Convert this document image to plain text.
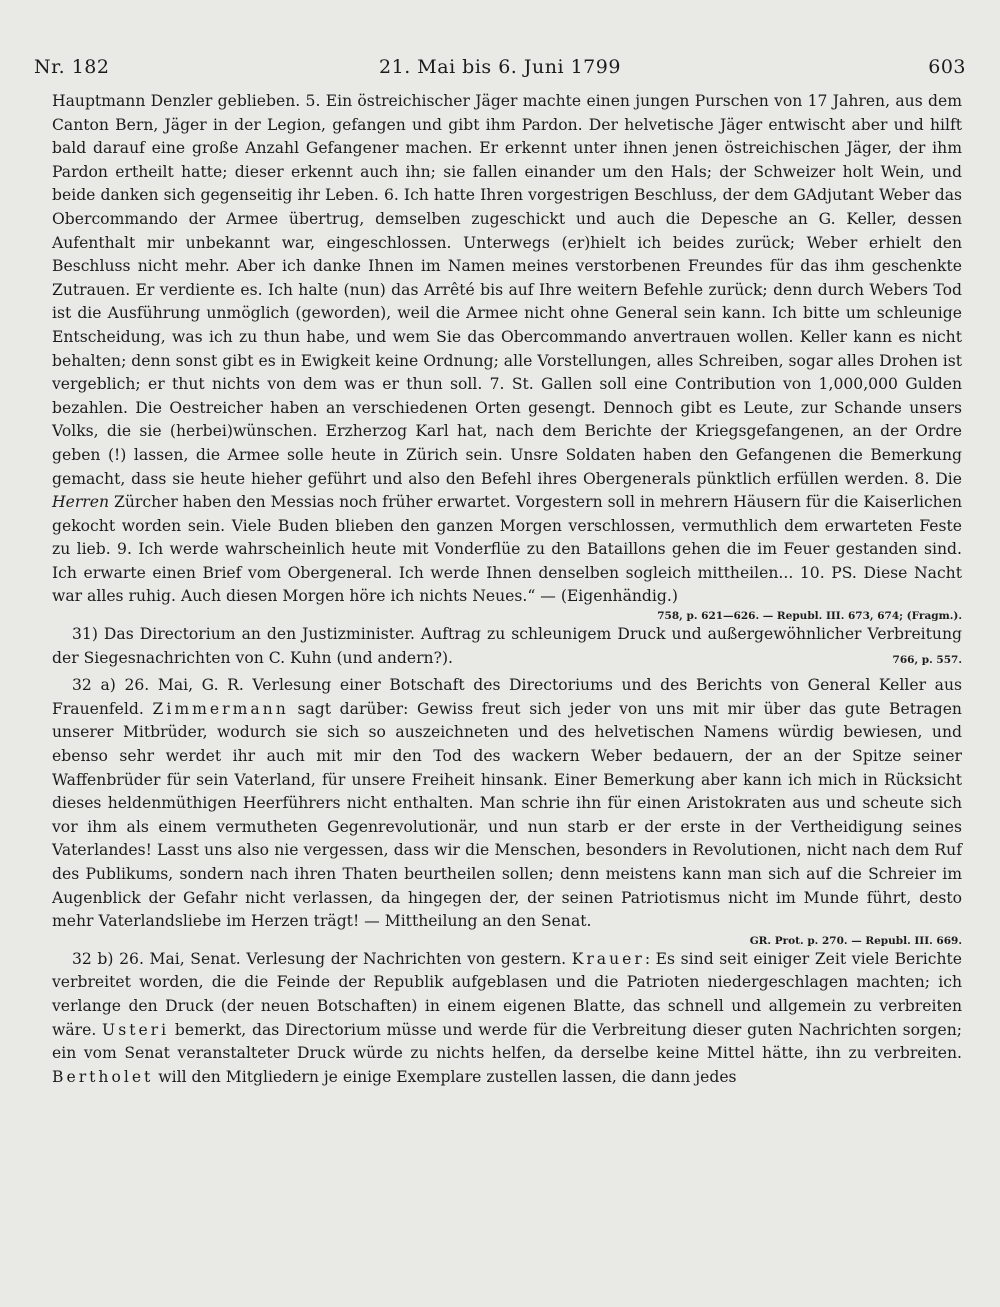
Nr. 182	21. Mai bis 6. Juni 1799	603

Hauptmann Denzler geblieben. 5. Ein östreichischer Jäger machte einen jungen Purschen von 17 Jahren, aus dem Canton Bern, Jäger in der Legion, gefangen und gibt ihm Pardon. Der helvetische Jäger entwischt aber und hilft bald darauf eine große Anzahl Gefangener machen. Er erkennt unter ihnen jenen östreichischen Jäger, der ihm Pardon ertheilt hatte; dieser erkennt auch ihn; sie fallen einander um den Hals; der Schweizer holt Wein, und beide danken sich gegenseitig ihr Leben. 6. Ich hatte Ihren vorgestrigen Beschluss, der dem GAdjutant Weber das Obercommando der Armee übertrug, demselben zugeschickt und auch die Depesche an G. Keller, dessen Aufenthalt mir unbekannt war, eingeschlossen. Unterwegs (er)hielt ich beides zurück; Weber erhielt den Beschluss nicht mehr. Aber ich danke Ihnen im Namen meines verstorbenen Freundes für das ihm geschenkte Zutrauen. Er verdiente es. Ich halte (nun) das Arrêté bis auf Ihre weitern Befehle zurück; denn durch Webers Tod ist die Ausführung unmöglich (geworden), weil die Armee nicht ohne General sein kann. Ich bitte um schleunige Entscheidung, was ich zu thun habe, und wem Sie das Obercommando anvertrauen wollen. Keller kann es nicht behalten; denn sonst gibt es in Ewigkeit keine Ordnung; alle Vorstellungen, alles Schreiben, sogar alles Drohen ist vergeblich; er thut nichts von dem was er thun soll. 7. St. Gallen soll eine Contribution von 1,000,000 Gulden bezahlen. Die Oestreicher haben an verschiedenen Orten gesengt. Dennoch gibt es Leute, zur Schande unsers Volks, die sie (herbei)wünschen. Erzherzog Karl hat, nach dem Berichte der Kriegsgefangenen, an der Ordre geben (!) lassen, die Armee solle heute in Zürich sein. Unsre Soldaten haben den Gefangenen die Bemerkung gemacht, dass sie heute hieher geführt und also den Befehl ihres Obergenerals pünktlich erfüllen werden. 8. Die Herren Zürcher haben den Messias noch früher erwartet. Vorgestern soll in mehrern Häusern für die Kaiserlichen gekocht worden sein. Viele Buden blieben den ganzen Morgen verschlossen, vermuthlich dem erwarteten Feste zu lieb. 9. Ich werde wahrscheinlich heute mit Vonderflüe zu den Bataillons gehen die im Feuer gestanden sind. Ich erwarte einen Brief vom Obergeneral. Ich werde Ihnen denselben sogleich mittheilen... 10. PS. Diese Nacht war alles ruhig. Auch diesen Morgen höre ich nichts Neues.“ — (Eigenhändig.)

758, p. 621—626. — Republ. III. 673, 674; (Fragm.).

31) Das Directorium an den Justizminister. Auftrag zu schleunigem Druck und außergewöhnlicher Verbreitung der Siegesnachrichten von C. Kuhn (und andern?).	766, p. 557.

32 a) 26. Mai, G. R. Verlesung einer Botschaft des Directoriums und des Berichts von General Keller aus Frauenfeld. Zimmermann sagt darüber: Gewiss freut sich jeder von uns mit mir über das gute Betragen unserer Mitbrüder, wodurch sie sich so auszeichneten und des helvetischen Namens würdig bewiesen, und ebenso sehr werdet ihr auch mit mir den Tod des wackern Weber bedauern, der an der Spitze seiner Waffenbrüder für sein Vaterland, für unsere Freiheit hinsank. Einer Bemerkung aber kann ich mich in Rücksicht dieses heldenmüthigen Heerführers nicht enthalten. Man schrie ihn für einen Aristokraten aus und scheute sich vor ihm als einem vermutheten Gegenrevolutionär, und nun starb er der erste in der Vertheidigung seines Vaterlandes! Lasst uns also nie vergessen, dass wir die Menschen, besonders in Revolutionen, nicht nach dem Ruf des Publikums, sondern nach ihren Thaten beurtheilen sollen; denn meistens kann man sich auf die Schreier im Augenblick der Gefahr nicht verlassen, da hingegen der, der seinen Patriotismus nicht im Munde führt, desto mehr Vaterlandsliebe im Herzen trägt! — Mittheilung an den Senat.

GR. Prot. p. 270. — Republ. III. 669.

32 b) 26. Mai, Senat. Verlesung der Nachrichten von gestern. Krauer: Es sind seit einiger Zeit viele Berichte verbreitet worden, die die Feinde der Republik aufgeblasen und die Patrioten niedergeschlagen machten; ich verlange den Druck (der neuen Botschaften) in einem eigenen Blatte, das schnell und allgemein zu verbreiten wäre. Usteri bemerkt, das Directorium müsse und werde für die Verbreitung dieser guten Nachrichten sorgen; ein vom Senat veranstalteter Druck würde zu nichts helfen, da derselbe keine Mittel hätte, ihn zu verbreiten. Bertholet will den Mitgliedern je einige Exemplare zustellen lassen, die dann jedes
